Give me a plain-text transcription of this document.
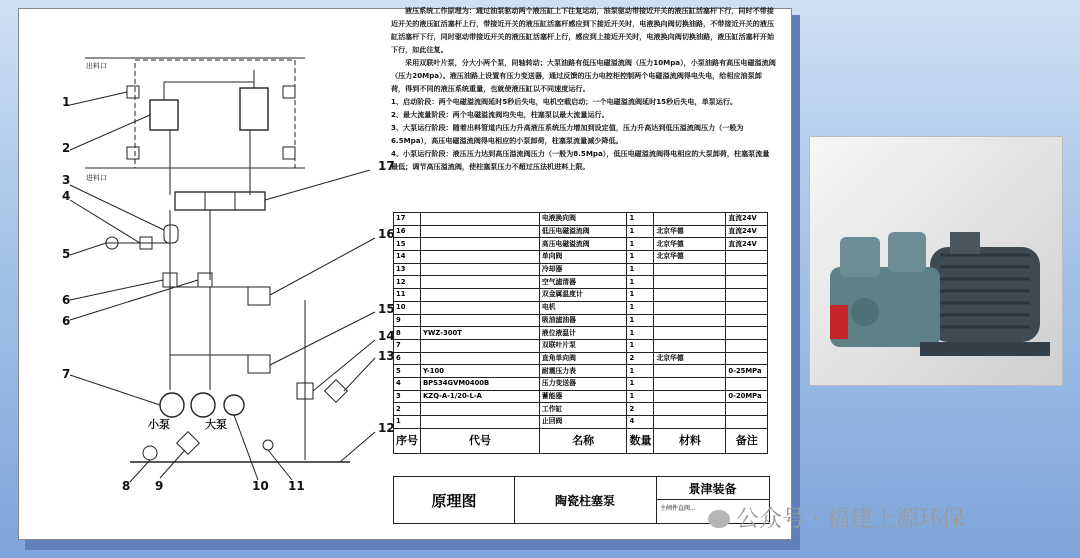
1
2
3
4
5
6
6
7
8 9	10 11
12
13
14
15
16
17
出料口
进料口
小泵	大泵

液压系统工作原理为：通过油泵驱动两个液压缸上下往复运动，油泵驱动带接近开关的液压缸活塞杆下行，同时不带接近开关的液压缸活塞杆上行，带接近开关的液压缸活塞杆感应到下接近开关时，电液换向阀切换油路，不带接近开关的液压缸活塞杆下行，同时驱动带接近开关的液压缸活塞杆上行，感应到上接近开关时，电液换向阀切换油路，液压缸活塞杆开始下行，如此往复。

采用双联叶片泵，分大小两个泵，同轴转动；大泵油路有低压电磁溢流阀（压力10Mpa），小泵油路有高压电磁溢流阀（压力20Mpa）。液压油路上设置有压力变送器，通过反馈的压力电控柜控制两个电磁溢流阀得电失电，给相应油泵卸荷，得到不同的液压系统重量，也就使液压缸以不同速度运行。

1、启动阶段：两个电磁溢流阀延时5秒后失电，电机空载启动；一个电磁溢流阀延时15秒后失电，单泵运行。

2、最大流量阶段：两个电磁溢流阀均失电，柱塞泵以最大流量运行。

3、大泵运行阶段：随着出料管道内压力升高液压系统压力增加到设定值，压力升高达到低压溢流阀压力（一般为6.5Mpa），高压电磁溢流阀得电相应的小泵卸荷，柱塞泵流量减少降低。

4、小泵运行阶段：液压压力达到高压溢流阀压力（一般为8.5Mpa），低压电磁溢流阀得电相应的大泵卸荷，柱塞泵流量最低；调节高压溢流阀，使柱塞泵压力不超过压法机进料上限。

17		电液换向阀	1		直流24V
16		低压电磁溢流阀	1	北京华德	直流24V
15		高压电磁溢流阀	1	北京华德	直流24V
14		单向阀	1	北京华德	
13		冷却器	1		
12		空气滤清器	1		
11		双金属温度计	1		
10		电机	1		
9		吸油滤油器	1		
8	YWZ-300T	液位液温计	1		
7		双联叶片泵	1		
6		直角单向阀	2	北京华德	
5	Y-100	耐震压力表	1		0-25MPa
4	BPS34GVM0400B	压力变送器	1		
3	KZQ-A-1/20-L-A	蓄能器	1		0-20MPa
2		工作缸	2		
1		止回阀	4		
序号	代号	名称	数量	材料	备注
原理图	陶瓷柱塞泵
景津装备
主闸件直阀...	公众号 · 福建上源环保
